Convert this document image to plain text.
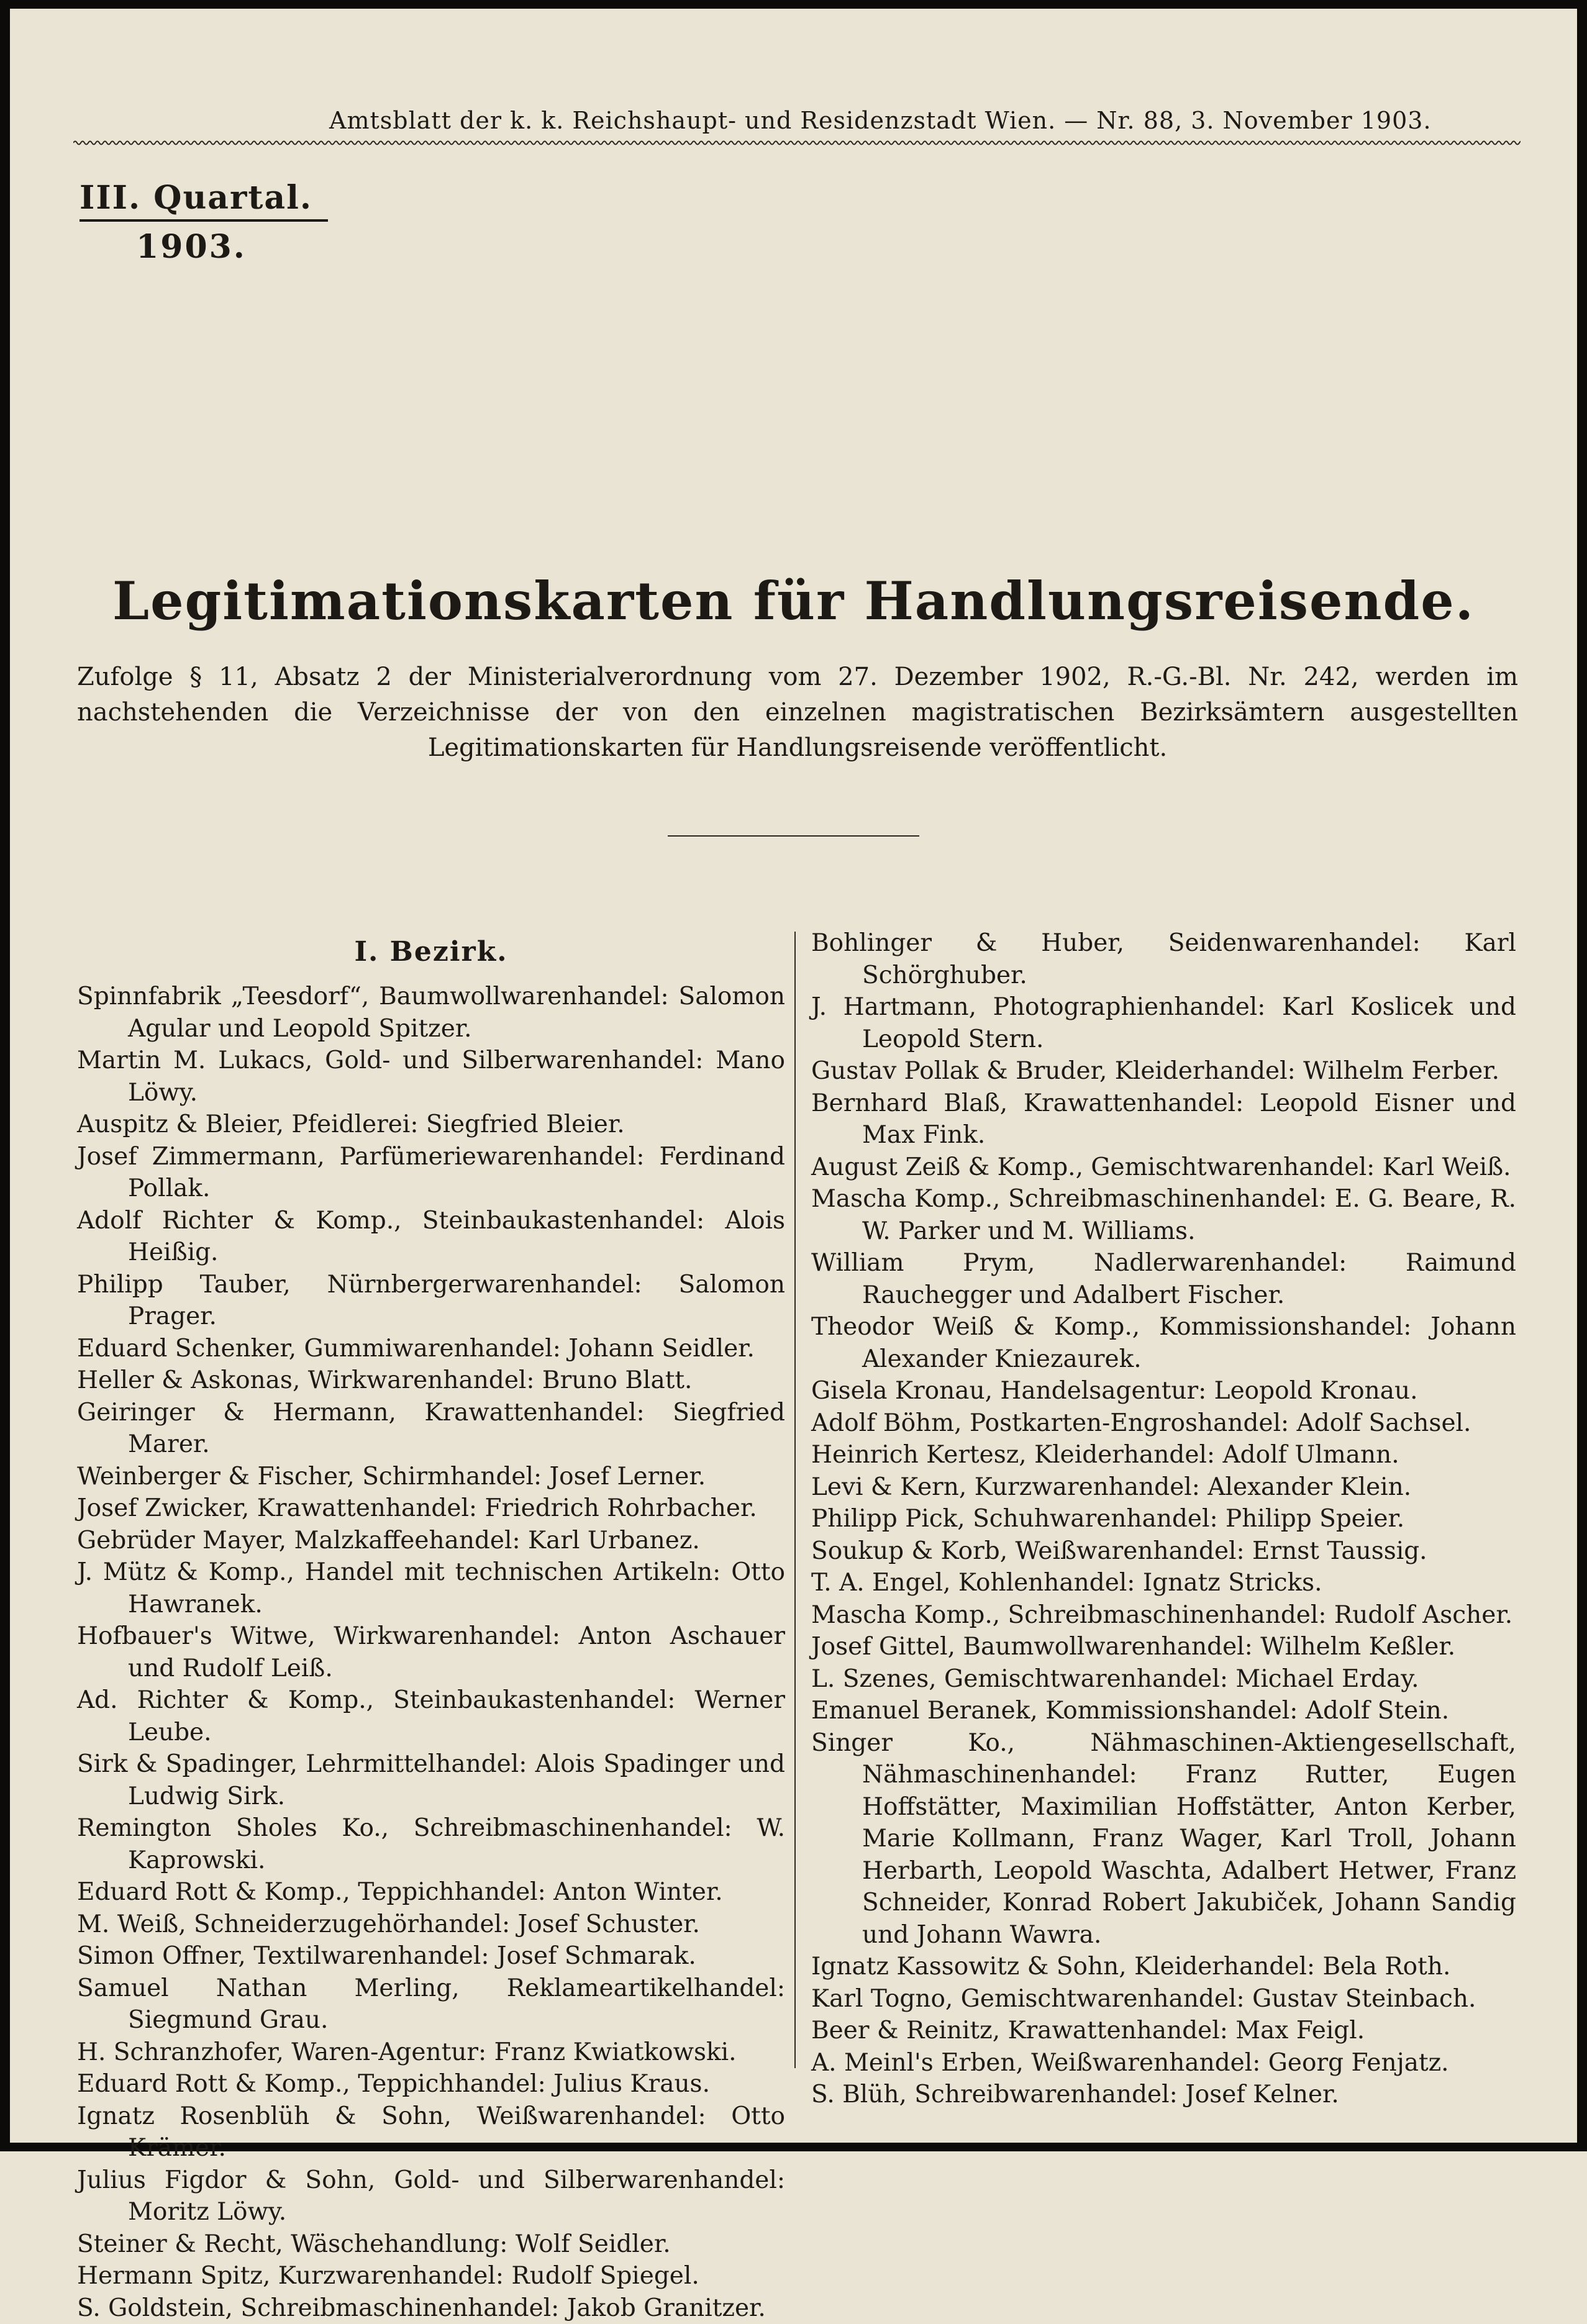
Amtsblatt der k. k. Reichshaupt- und Residenzstadt Wien. — Nr. 88, 3. November 1903.
III. Quartal.
1903.
Legitimationskarten für Handlungsreisende.
Zufolge § 11, Absatz 2 der Ministerialverordnung vom 27. Dezember 1902, R.-G.-Bl. Nr. 242, werden im nachstehenden die Verzeichnisse der von den einzelnen magistratischen Bezirksämtern ausgestellten Legitimationskarten für Handlungsreisende veröffentlicht.
I. Bezirk.
Spinnfabrik „Teesdorf“, Baumwollwarenhandel: Salomon Agular und Leopold Spitzer.
Martin M. Lukacs, Gold- und Silberwarenhandel: Mano Löwy.
Auspitz & Bleier, Pfeidlerei: Siegfried Bleier.
Josef Zimmermann, Parfümeriewarenhandel: Ferdinand Pollak.
Adolf Richter & Komp., Steinbaukastenhandel: Alois Heißig.
Philipp Tauber, Nürnbergerwarenhandel: Salomon Prager.
Eduard Schenker, Gummiwarenhandel: Johann Seidler.
Heller & Askonas, Wirkwarenhandel: Bruno Blatt.
Geiringer & Hermann, Krawattenhandel: Siegfried Marer.
Weinberger & Fischer, Schirmhandel: Josef Lerner.
Josef Zwicker, Krawattenhandel: Friedrich Rohrbacher.
Gebrüder Mayer, Malzkaffeehandel: Karl Urbanez.
J. Mütz & Komp., Handel mit technischen Artikeln: Otto Hawranek.
Hofbauer's Witwe, Wirkwarenhandel: Anton Aschauer und Rudolf Leiß.
Ad. Richter & Komp., Steinbaukastenhandel: Werner Leube.
Sirk & Spadinger, Lehrmittelhandel: Alois Spadinger und Ludwig Sirk.
Remington Sholes Ko., Schreibmaschinenhandel: W. Kaprowski.
Eduard Rott & Komp., Teppichhandel: Anton Winter.
M. Weiß, Schneiderzugehörhandel: Josef Schuster.
Simon Offner, Textilwarenhandel: Josef Schmarak.
Samuel Nathan Merling, Reklameartikelhandel: Siegmund Grau.
H. Schranzhofer, Waren-Agentur: Franz Kwiatkowski.
Eduard Rott & Komp., Teppichhandel: Julius Kraus.
Ignatz Rosenblüh & Sohn, Weißwarenhandel: Otto Krämer.
Julius Figdor & Sohn, Gold- und Silberwarenhandel: Moritz Löwy.
Steiner & Recht, Wäschehandlung: Wolf Seidler.
Hermann Spitz, Kurzwarenhandel: Rudolf Spiegel.
S. Goldstein, Schreibmaschinenhandel: Jakob Granitzer.
Bohlinger & Huber, Seidenwarenhandel: Karl Schörghuber.
J. Hartmann, Photographienhandel: Karl Koslicek und Leopold Stern.
Gustav Pollak & Bruder, Kleiderhandel: Wilhelm Ferber.
Bernhard Blaß, Krawattenhandel: Leopold Eisner und Max Fink.
August Zeiß & Komp., Gemischtwarenhandel: Karl Weiß.
Mascha Komp., Schreibmaschinenhandel: E. G. Beare, R. W. Parker und M. Williams.
William Prym, Nadlerwarenhandel: Raimund Rauchegger und Adalbert Fischer.
Theodor Weiß & Komp., Kommissionshandel: Johann Alexander Kniezaurek.
Gisela Kronau, Handelsagentur: Leopold Kronau.
Adolf Böhm, Postkarten-Engroshandel: Adolf Sachsel.
Heinrich Kertesz, Kleiderhandel: Adolf Ulmann.
Levi & Kern, Kurzwarenhandel: Alexander Klein.
Philipp Pick, Schuhwarenhandel: Philipp Speier.
Soukup & Korb, Weißwarenhandel: Ernst Taussig.
T. A. Engel, Kohlenhandel: Ignatz Stricks.
Mascha Komp., Schreibmaschinenhandel: Rudolf Ascher.
Josef Gittel, Baumwollwarenhandel: Wilhelm Keßler.
L. Szenes, Gemischtwarenhandel: Michael Erday.
Emanuel Beranek, Kommissionshandel: Adolf Stein.
Singer Ko., Nähmaschinen-Aktiengesellschaft, Nähmaschinenhandel: Franz Rutter, Eugen Hoffstätter, Maximilian Hoffstätter, Anton Kerber, Marie Kollmann, Franz Wager, Karl Troll, Johann Herbarth, Leopold Waschta, Adalbert Hetwer, Franz Schneider, Konrad Robert Jakubiček, Johann Sandig und Johann Wawra.
Ignatz Kassowitz & Sohn, Kleiderhandel: Bela Roth.
Karl Togno, Gemischtwarenhandel: Gustav Steinbach.
Beer & Reinitz, Krawattenhandel: Max Feigl.
A. Meinl's Erben, Weißwarenhandel: Georg Fenjatz.
S. Blüh, Schreibwarenhandel: Josef Kelner.
